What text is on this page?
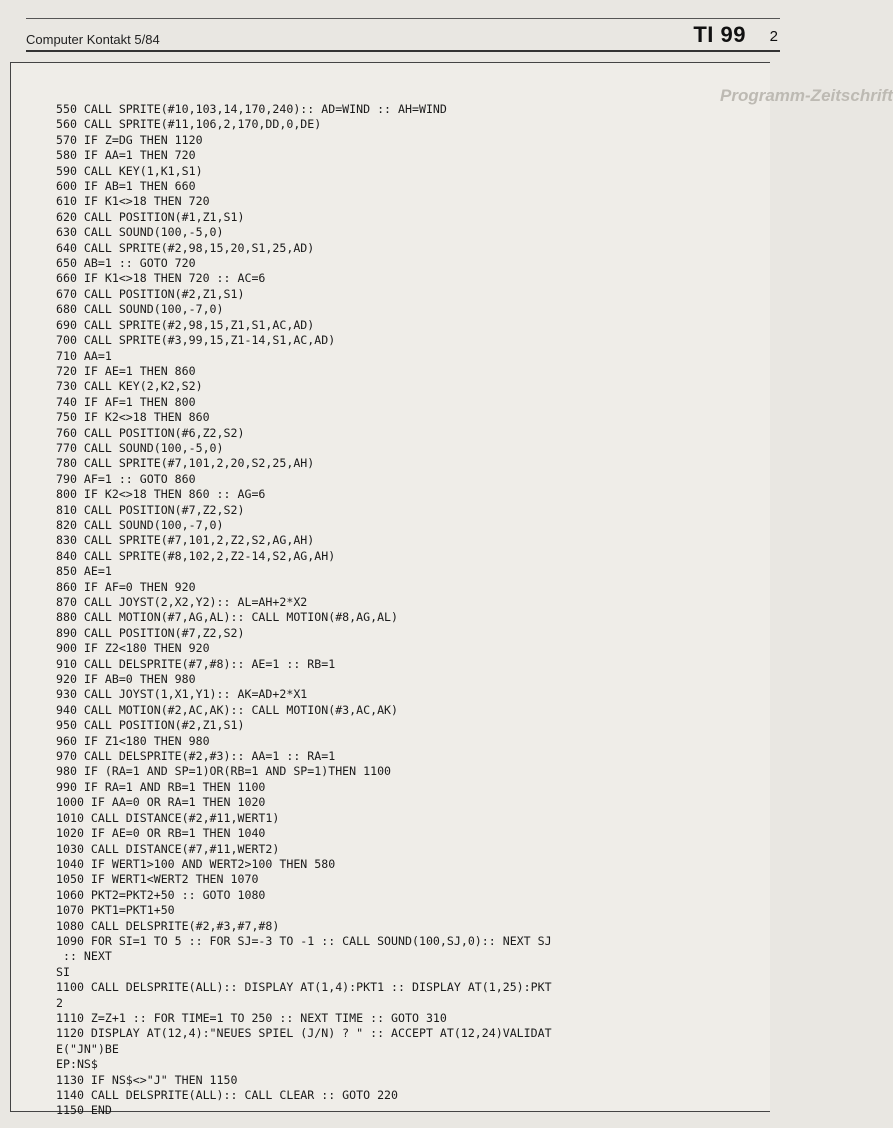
Computer Kontakt 5/84	TI 99 2
Programm-Zeitschrift
550 CALL SPRITE(#10,103,14,170,240):: AD=WIND :: AH=WIND
560 CALL SPRITE(#11,106,2,170,DD,0,DE)
570 IF Z=DG THEN 1120
580 IF AA=1 THEN 720
590 CALL KEY(1,K1,S1)
600 IF AB=1 THEN 660
610 IF K1<>18 THEN 720
620 CALL POSITION(#1,Z1,S1)
630 CALL SOUND(100,-5,0)
640 CALL SPRITE(#2,98,15,20,S1,25,AD)
650 AB=1 :: GOTO 720
660 IF K1<>18 THEN 720 :: AC=6
670 CALL POSITION(#2,Z1,S1)
680 CALL SOUND(100,-7,0)
690 CALL SPRITE(#2,98,15,Z1,S1,AC,AD)
700 CALL SPRITE(#3,99,15,Z1-14,S1,AC,AD)
710 AA=1
720 IF AE=1 THEN 860
730 CALL KEY(2,K2,S2)
740 IF AF=1 THEN 800
750 IF K2<>18 THEN 860
760 CALL POSITION(#6,Z2,S2)
770 CALL SOUND(100,-5,0)
780 CALL SPRITE(#7,101,2,20,S2,25,AH)
790 AF=1 :: GOTO 860
800 IF K2<>18 THEN 860 :: AG=6
810 CALL POSITION(#7,Z2,S2)
820 CALL SOUND(100,-7,0)
830 CALL SPRITE(#7,101,2,Z2,S2,AG,AH)
840 CALL SPRITE(#8,102,2,Z2-14,S2,AG,AH)
850 AE=1
860 IF AF=0 THEN 920
870 CALL JOYST(2,X2,Y2):: AL=AH+2*X2
880 CALL MOTION(#7,AG,AL):: CALL MOTION(#8,AG,AL)
890 CALL POSITION(#7,Z2,S2)
900 IF Z2<180 THEN 920
910 CALL DELSPRITE(#7,#8):: AE=1 :: RB=1
920 IF AB=0 THEN 980
930 CALL JOYST(1,X1,Y1):: AK=AD+2*X1
940 CALL MOTION(#2,AC,AK):: CALL MOTION(#3,AC,AK)
950 CALL POSITION(#2,Z1,S1)
960 IF Z1<180 THEN 980
970 CALL DELSPRITE(#2,#3):: AA=1 :: RA=1
980 IF (RA=1 AND SP=1)OR(RB=1 AND SP=1)THEN 1100
990 IF RA=1 AND RB=1 THEN 1100
1000 IF AA=0 OR RA=1 THEN 1020
1010 CALL DISTANCE(#2,#11,WERT1)
1020 IF AE=0 OR RB=1 THEN 1040
1030 CALL DISTANCE(#7,#11,WERT2)
1040 IF WERT1>100 AND WERT2>100 THEN 580
1050 IF WERT1<WERT2 THEN 1070
1060 PKT2=PKT2+50 :: GOTO 1080
1070 PKT1=PKT1+50
1080 CALL DELSPRITE(#2,#3,#7,#8)
1090 FOR SI=1 TO 5 :: FOR SJ=-3 TO -1 :: CALL SOUND(100,SJ,0):: NEXT SJ
:: NEXT
SI
1100 CALL DELSPRITE(ALL):: DISPLAY AT(1,4):PKT1 :: DISPLAY AT(1,25):PKT
2
1110 Z=Z+1 :: FOR TIME=1 TO 250 :: NEXT TIME :: GOTO 310
1120 DISPLAY AT(12,4):"NEUES SPIEL (J/N) ? " :: ACCEPT AT(12,24)VALIDAT
E("JN")BE
EP:NS$
1130 IF NS$<>"J" THEN 1150
1140 CALL DELSPRITE(ALL):: CALL CLEAR :: GOTO 220
1150 END
